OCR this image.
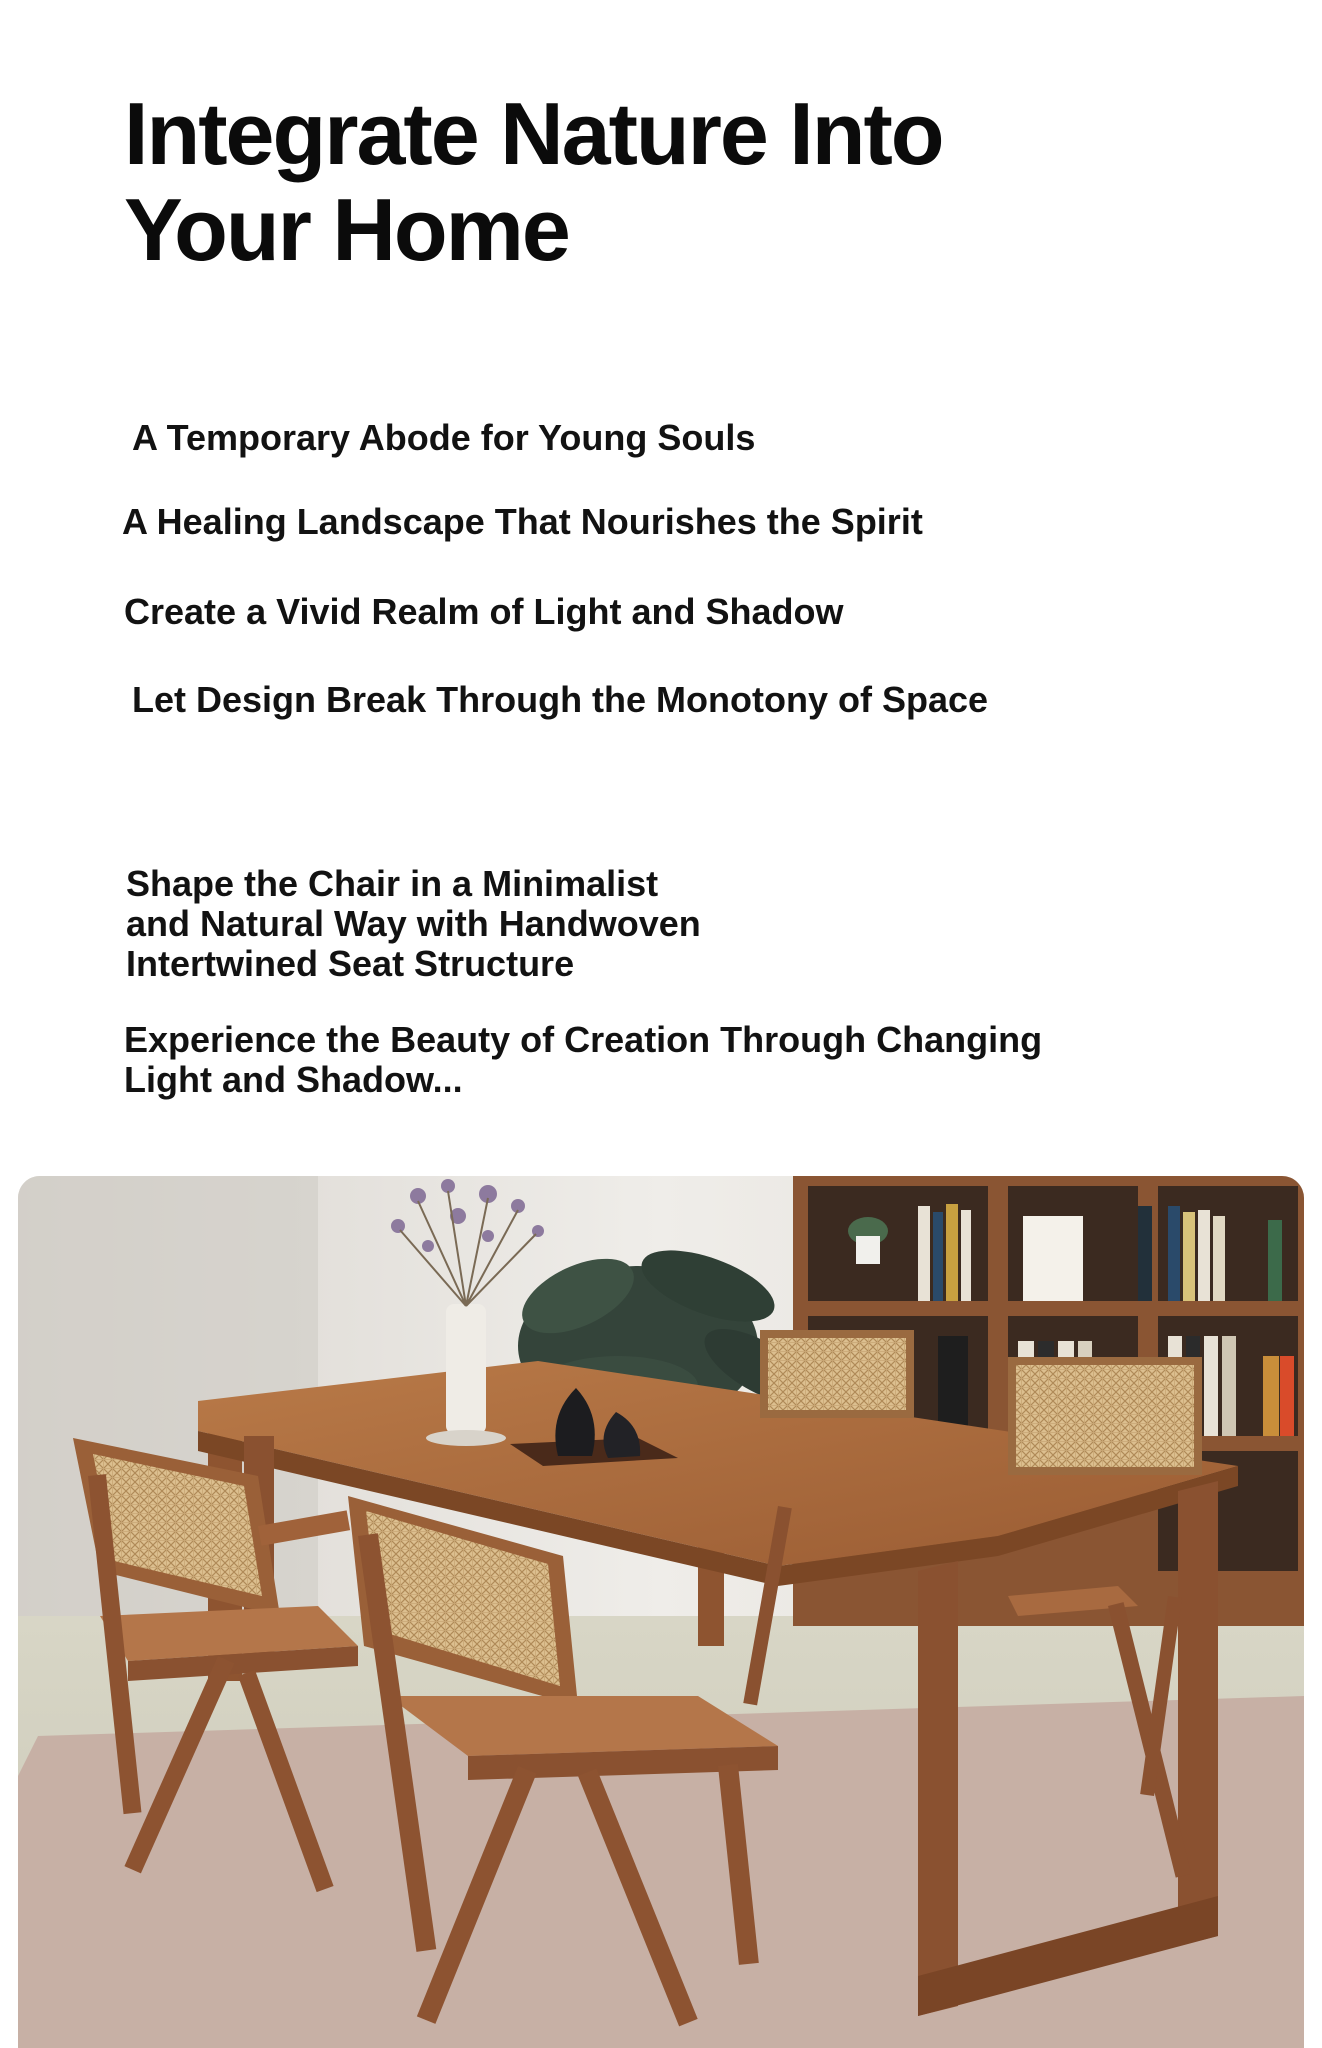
Integrate Nature Into
Your Home

A Temporary Abode for Young Souls

A Healing Landscape That Nourishes the Spirit

Create a Vivid Realm of Light and Shadow

Let Design Break Through the Monotony of Space

Shape the Chair in a Minimalist
and Natural Way with Handwoven
Intertwined Seat Structure

Experience the Beauty of Creation Through Changing
Light and Shadow...
